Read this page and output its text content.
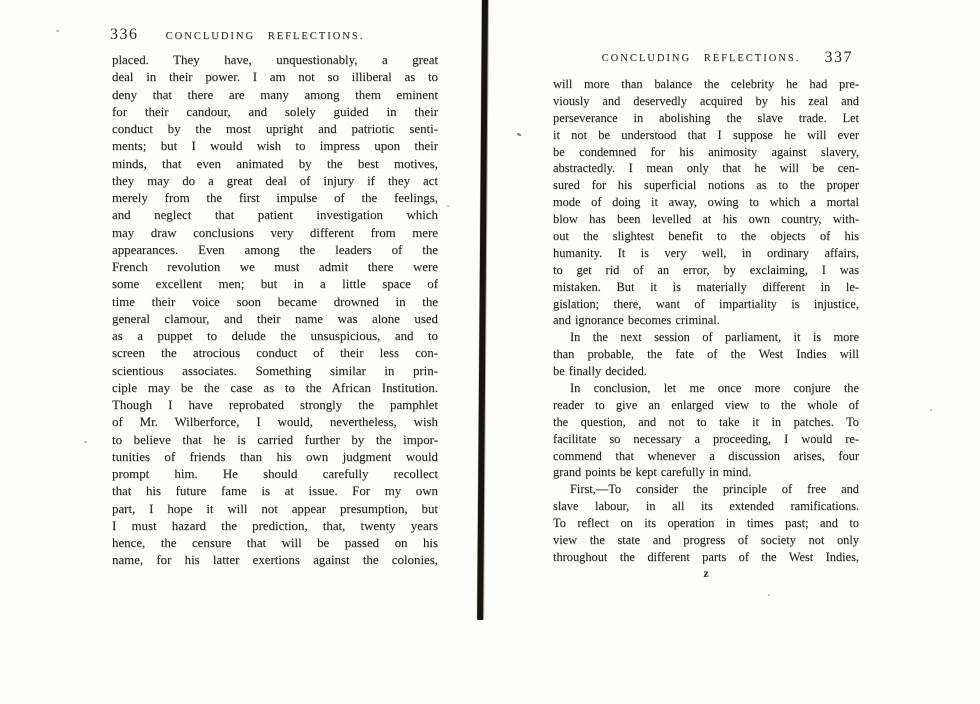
336	CONCLUDING REFLECTIONS.
placed. They have, unquestionably, a great
deal in their power. I am not so illiberal as to
deny that there are many among them eminent
for their candour, and solely guided in their
conduct by the most upright and patriotic senti-
ments; but I would wish to impress upon their
minds, that even animated by the best motives,
they may do a great deal of injury if they act
merely from the first impulse of the feelings,
and neglect that patient investigation which
may draw conclusions very different from mere
appearances. Even among the leaders of the
French revolution we must admit there were
some excellent men; but in a little space of
time their voice soon became drowned in the
general clamour, and their name was alone used
as a puppet to delude the unsuspicious, and to
screen the atrocious conduct of their less con-
scientious associates. Something similar in prin-
ciple may be the case as to the African Institution.
Though I have reprobated strongly the pamphlet
of Mr. Wilberforce, I would, nevertheless, wish
to believe that he is carried further by the impor-
tunities of friends than his own judgment would
prompt him. He should carefully recollect
that his future fame is at issue. For my own
part, I hope it will not appear presumption, but
I must hazard the prediction, that, twenty years
hence, the censure that will be passed on his
name, for his latter exertions against the colonies,
CONCLUDING REFLECTIONS.	337
will more than balance the celebrity he had pre-
viously and deservedly acquired by his zeal and
perseverance in abolishing the slave trade. Let
it not be understood that I suppose he will ever
be condemned for his animosity against slavery,
abstractedly. I mean only that he will be cen-
sured for his superficial notions as to the proper
mode of doing it away, owing to which a mortal
blow has been levelled at his own country, with-
out the slightest benefit to the objects of his
humanity. It is very well, in ordinary affairs,
to get rid of an error, by exclaiming, I was
mistaken. But it is materially different in le-
gislation; there, want of impartiality is injustice,
and ignorance becomes criminal.
In the next session of parliament, it is more
than probable, the fate of the West Indies will
be finally decided.
In conclusion, let me once more conjure the
reader to give an enlarged view to the whole of
the question, and not to take it in patches. To
facilitate so necessary a proceeding, I would re-
commend that whenever a discussion arises, four
grand points be kept carefully in mind.
First,—To consider the principle of free and
slave labour, in all its extended ramifications.
To reflect on its operation in times past; and to
view the state and progress of society not only
throughout the different parts of the West Indies,
z
